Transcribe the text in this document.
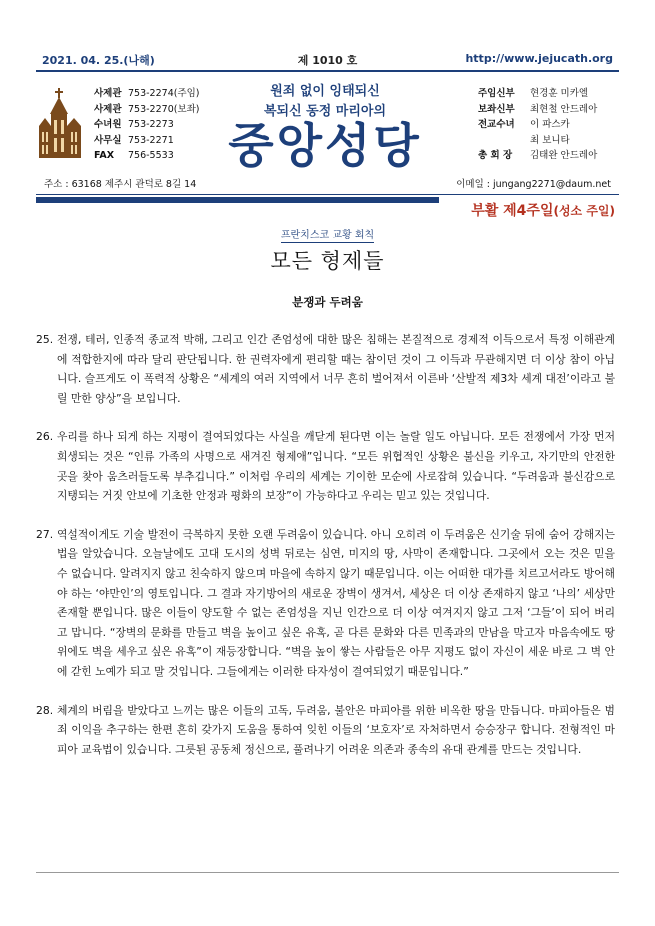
2021. 04. 25.(나해)	제 1010 호	http://www.jejucath.org
사제관 753-2274(주임)
사제관 753-2270(보좌)
수녀원 753-2273
사무실 753-2271
FAX 756-5533
원죄 없이 잉태되신
복되신 동정 마리아의
중앙성당
주임신부 현경훈 미카엘
보좌신부 최현철 안드레아
전교수녀 이 파스카
최 보니타
총 회 장 김태완 안드레아
주소 : 63168 제주시 관덕로 8길 14	이메일 : jungang2271@daum.net
부활 제4주일(성소 주일)
프란치스코 교황 회칙
모든 형제들
분쟁과 두려움
25. 전쟁, 테러, 인종적 종교적 박해, 그리고 인간 존엄성에 대한 많은 침해는 본질적으로 경제적 이득으로서 특정 이해관계에 적합한지에 따라 달리 판단됩니다. 한 권력자에게 편리할 때는 참이던 것이 그 이득과 무관해지면 더 이상 참이 아닙니다. 슬프게도 이 폭력적 상황은 “세계의 여러 지역에서 너무 흔히 벌어져서 이른바 ‘산발적 제3차 세계 대전’이라고 불릴 만한 양상”을 보입니다.
26. 우리를 하나 되게 하는 지평이 결여되었다는 사실을 깨닫게 된다면 이는 놀랄 일도 아닙니다. 모든 전쟁에서 가장 먼저 희생되는 것은 “인류 가족의 사명으로 새겨진 형제애”입니다. “모든 위협적인 상황은 불신을 키우고, 자기만의 안전한 곳을 찾아 움츠러들도록 부추깁니다.” 이처럼 우리의 세계는 기이한 모순에 사로잡혀 있습니다. “두려움과 불신감으로 지탱되는 거짓 안보에 기초한 안정과 평화의 보장”이 가능하다고 우리는 믿고 있는 것입니다.
27. 역설적이게도 기술 발전이 극복하지 못한 오랜 두려움이 있습니다. 아니 오히려 이 두려움은 신기술 뒤에 숨어 강해지는 법을 알았습니다. 오늘날에도 고대 도시의 성벽 뒤로는 심연, 미지의 땅, 사막이 존재합니다. 그곳에서 오는 것은 믿을 수 없습니다. 알려지지 않고 친숙하지 않으며 마을에 속하지 않기 때문입니다. 이는 어떠한 대가를 치르고서라도 방어해야 하는 ‘야만인’의 영토입니다. 그 결과 자기방어의 새로운 장벽이 생겨서, 세상은 더 이상 존재하지 않고 ‘나의’ 세상만 존재할 뿐입니다. 많은 이들이 양도할 수 없는 존엄성을 지닌 인간으로 더 이상 여겨지지 않고 그저 ‘그들’이 되어 버리고 맙니다. “장벽의 문화를 만들고 벽을 높이고 싶은 유혹, 곧 다른 문화와 다른 민족과의 만남을 막고자 마음속에도 땅 위에도 벽을 세우고 싶은 유혹”이 재등장합니다. “벽을 높이 쌓는 사람들은 아무 지평도 없이 자신이 세운 바로 그 벽 안에 갇힌 노예가 되고 말 것입니다. 그들에게는 이러한 타자성이 결여되었기 때문입니다.”
28. 체계의 버림을 받았다고 느끼는 많은 이들의 고독, 두려움, 불안은 마피아를 위한 비옥한 땅을 만듭니다. 마피아들은 범죄 이익을 추구하는 한편 흔히 갖가지 도움을 통하여 잊힌 이들의 ‘보호자’로 자처하면서 승승장구 합니다. 전형적인 마피아 교육법이 있습니다. 그릇된 공동체 정신으로, 풀려나기 어려운 의존과 종속의 유대 관계를 만드는 것입니다.
